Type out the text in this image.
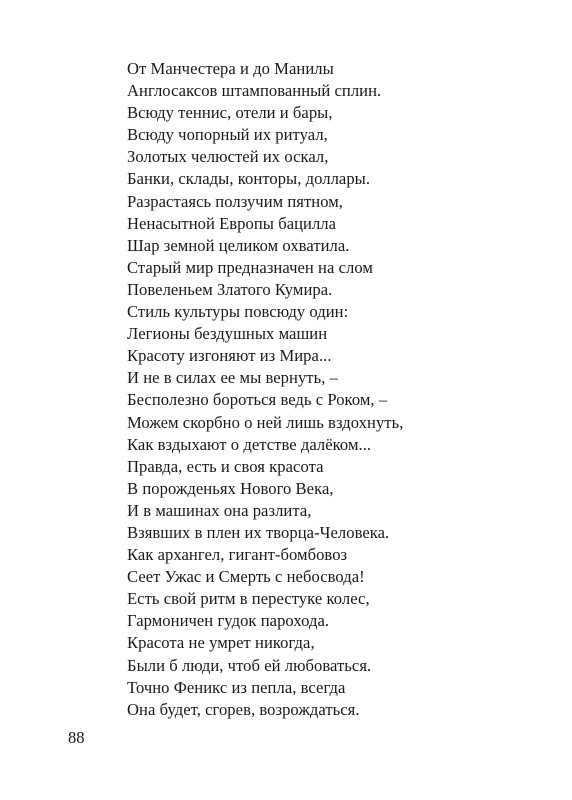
От Манчестера и до Манилы
Англосаксов штампованный сплин.
Всюду теннис, отели и бары,
Всюду чопорный их ритуал,
Золотых челюстей их оскал,
Банки, склады, конторы, доллары.
Разрастаясь ползучим пятном,
Ненасытной Европы бацилла
Шар земной целиком охватила.
Старый мир предназначен на слом
Повеленьем Златого Кумира.
Стиль культуры повсюду один:
Легионы бездушных машин
Красоту изгоняют из Мира...
И не в силах ее мы вернуть, –
Бесполезно бороться ведь с Роком, –
Можем скорбно о ней лишь вздохнуть,
Как вздыхают о детстве далёком...
Правда, есть и своя красота
В порожденьях Нового Века,
И в машинах она разлита,
Взявших в плен их творца-Человека.
Как архангел, гигант-бомбовоз
Сеет Ужас и Смерть с небосвода!
Есть свой ритм в перестуке колес,
Гармоничен гудок парохода.
Красота не умрет никогда,
Были б люди, чтоб ей любоваться.
Точно Феникс из пепла, всегда
Она будет, сгорев, возрождаться.
88
